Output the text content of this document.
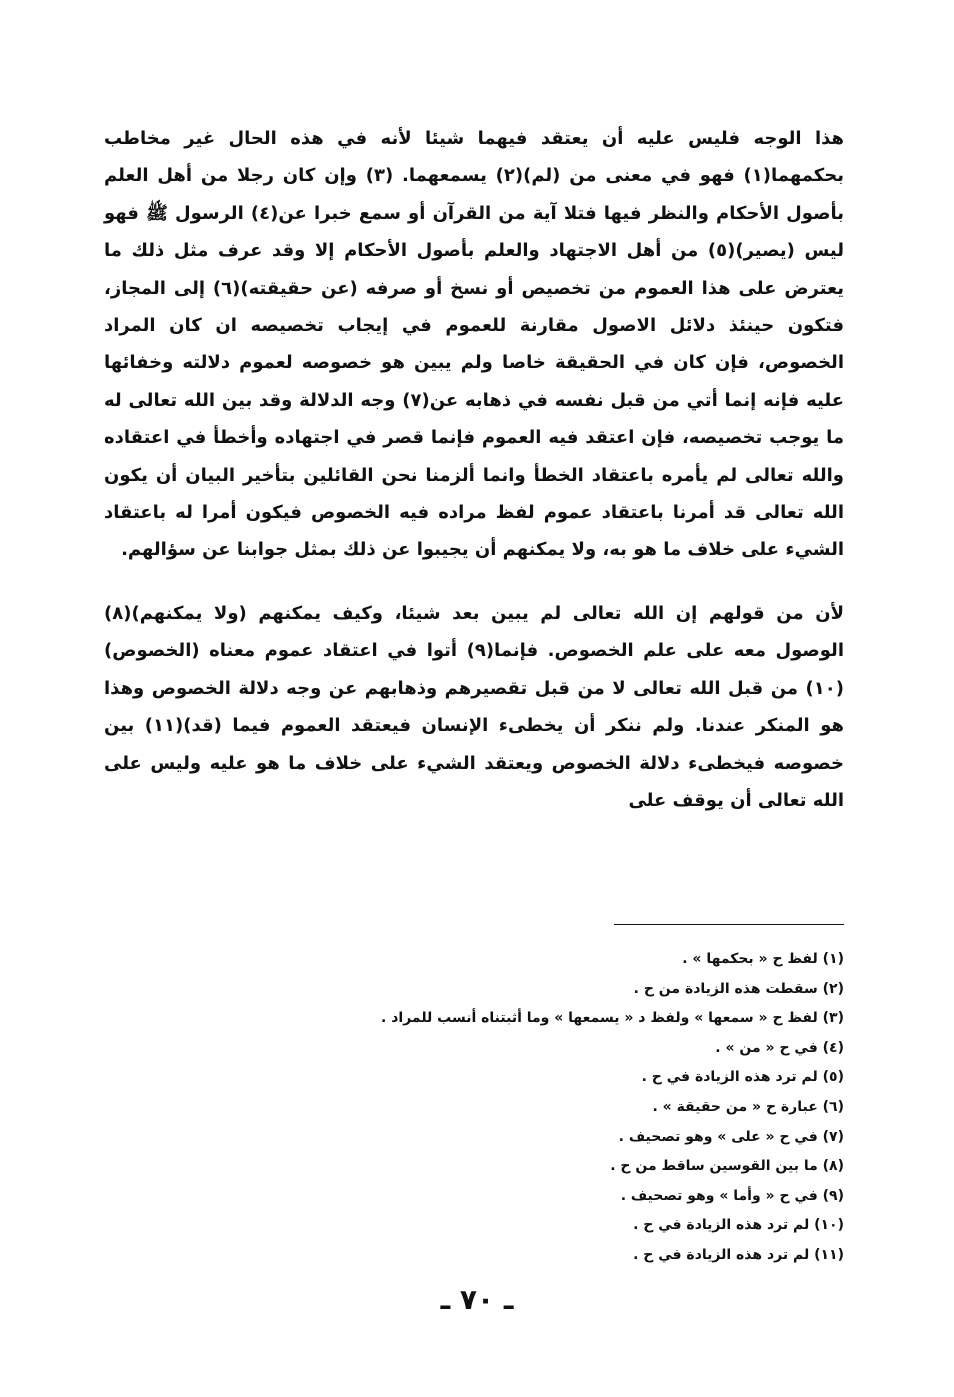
هذا الوجه فليس عليه أن يعتقد فيهما شيئا لأنه في هذه الحال غير مخاطب بحكمهما(١) فهو في معنى من (لم)(٢) يسمعهما. (٣) وإن كان رجلا من أهل العلم بأصول الأحكام والنظر فيها فتلا آية من القرآن أو سمع خبرا عن(٤) الرسول ﷺ فهو ليس (يصير)(٥) من أهل الاجتهاد والعلم بأصول الأحكام إلا وقد عرف مثل ذلك ما يعترض على هذا العموم من تخصيص أو نسخ أو صرفه (عن حقيقته)(٦) إلى المجاز، فتكون حينئذ دلائل الاصول مقارنة للعموم في إيجاب تخصيصه ان كان المراد الخصوص، فإن كان في الحقيقة خاصا ولم يبين هو خصوصه لعموم دلالته وخفائها عليه فإنه إنما أتي من قبل نفسه في ذهابه عن(٧) وجه الدلالة وقد بين الله تعالى له ما يوجب تخصيصه، فإن اعتقد فيه العموم فإنما قصر في اجتهاده وأخطأ في اعتقاده والله تعالى لم يأمره باعتقاد الخطأ وانما ألزمنا نحن القائلين بتأخير البيان أن يكون الله تعالى قد أمرنا باعتقاد عموم لفظ مراده فيه الخصوص فيكون أمرا له باعتقاد الشيء على خلاف ما هو به، ولا يمكنهم أن يجيبوا عن ذلك بمثل جوابنا عن سؤالهم.

لأن من قولهم إن الله تعالى لم يبين بعد شيئا، وكيف يمكنهم (ولا يمكنهم)(٨) الوصول معه على علم الخصوص. فإنما(٩) أتوا في اعتقاد عموم معناه (الخصوص)(١٠) من قبل الله تعالى لا من قبل تقصيرهم وذهابهم عن وجه دلالة الخصوص وهذا هو المنكر عندنا. ولم ننكر أن يخطىء الإنسان فيعتقد العموم فيما (قد)(١١) بين خصوصه فيخطىء دلالة الخصوص ويعتقد الشيء على خلاف ما هو عليه وليس على الله تعالى أن يوقف على

(١) لفظ ح « بحكمها » .
(٢) سقطت هذه الزيادة من ح .
(٣) لفظ ح « سمعها » ولفظ د « يسمعها » وما أثبتناه أنسب للمراد .
(٤) في ح « من » .
(٥) لم ترد هذه الزيادة في ح .
(٦) عبارة ح « من حقيقة » .
(٧) في ح « على » وهو تصحيف .
(٨) ما بين القوسين ساقط من ح .
(٩) في ح « وأما » وهو تصحيف .
(١٠) لم ترد هذه الزيادة في ح .
(١١) لم ترد هذه الزيادة في ح .
ـ ٧٠ ـ
